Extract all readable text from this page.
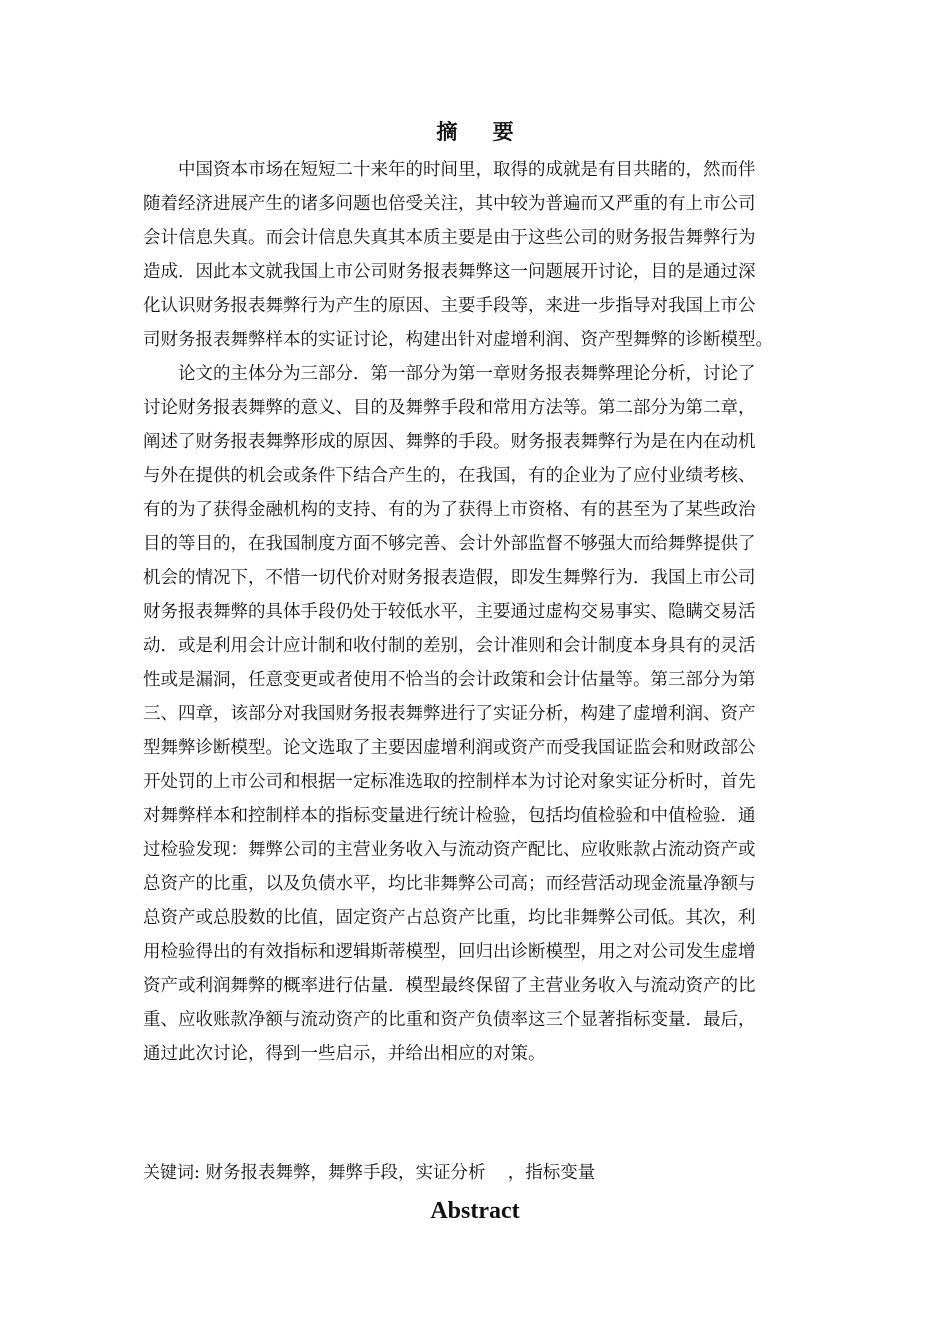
摘 要
中国资本市场在短短二十来年的时间里，取得的成就是有目共睹的，然而伴
随着经济进展产生的诸多问题也倍受关注，其中较为普遍而又严重的有上市公司
会计信息失真。而会计信息失真其本质主要是由于这些公司的财务报告舞弊行为
造成．因此本文就我国上市公司财务报表舞弊这一问题展开讨论，目的是通过深
化认识财务报表舞弊行为产生的原因、主要手段等，来进一步指导对我国上市公
司财务报表舞弊样本的实证讨论，构建出针对虚增利润、资产型舞弊的诊断模型。
论文的主体分为三部分．第一部分为第一章财务报表舞弊理论分析，讨论了
讨论财务报表舞弊的意义、目的及舞弊手段和常用方法等。第二部分为第二章，
阐述了财务报表舞弊形成的原因、舞弊的手段。财务报表舞弊行为是在内在动机
与外在提供的机会或条件下结合产生的，在我国，有的企业为了应付业绩考核、
有的为了获得金融机构的支持、有的为了获得上市资格、有的甚至为了某些政治
目的等目的，在我国制度方面不够完善、会计外部监督不够强大而给舞弊提供了
机会的情况下，不惜一切代价对财务报表造假，即发生舞弊行为．我国上市公司
财务报表舞弊的具体手段仍处于较低水平，主要通过虚构交易事实、隐瞒交易活
动．或是利用会计应计制和收付制的差别，会计准则和会计制度本身具有的灵活
性或是漏洞，任意变更或者使用不恰当的会计政策和会计估量等。第三部分为第
三、四章，该部分对我国财务报表舞弊进行了实证分析，构建了虚增利润、资产
型舞弊诊断模型。论文选取了主要因虚增利润或资产而受我国证监会和财政部公
开处罚的上市公司和根据一定标准选取的控制样本为讨论对象实证分析时，首先
对舞弊样本和控制样本的指标变量进行统计检验，包括均值检验和中值检验．通
过检验发现：舞弊公司的主营业务收入与流动资产配比、应收账款占流动资产或
总资产的比重，以及负债水平，均比非舞弊公司高；而经营活动现金流量净额与
总资产或总股数的比值，固定资产占总资产比重，均比非舞弊公司低。其次，利
用检验得出的有效指标和逻辑斯蒂模型，回归出诊断模型，用之对公司发生虚增
资产或利润舞弊的概率进行估量．模型最终保留了主营业务收入与流动资产的比
重、应收账款净额与流动资产的比重和资产负债率这三个显著指标变量．最后，
通过此次讨论，得到一些启示，并给出相应的对策。
关键词: 财务报表舞弊，舞弊手段，实证分析    ，指标变量
Abstract
